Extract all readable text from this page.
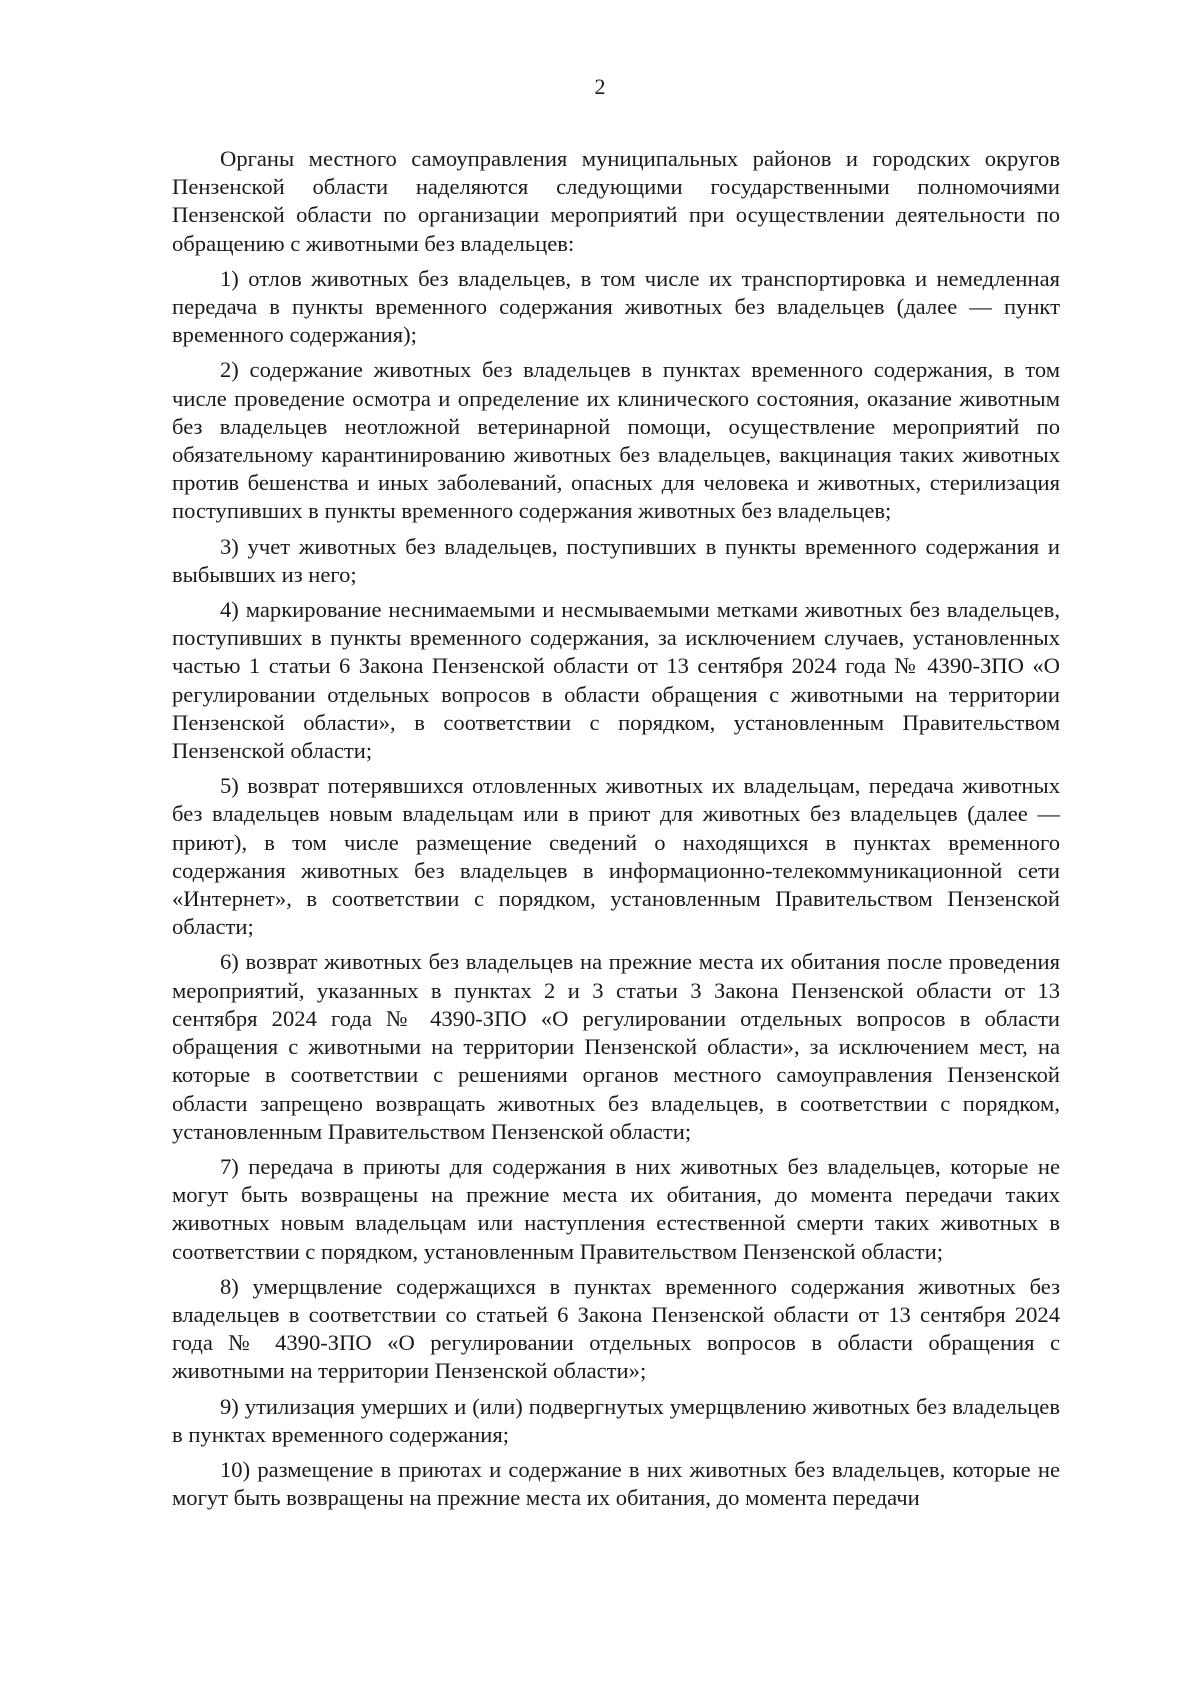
2

Органы местного самоуправления муниципальных районов и городских округов Пензенской области наделяются следующими государственными полномочиями Пензенской области по организации мероприятий при осуществлении деятельности по обращению с животными без владельцев:

1) отлов животных без владельцев, в том числе их транспортировка и немедленная передача в пункты временного содержания животных без владельцев (далее — пункт временного содержания);

2) содержание животных без владельцев в пунктах временного содержания, в том числе проведение осмотра и определение их клинического состояния, оказание животным без владельцев неотложной ветеринарной помощи, осуществление мероприятий по обязательному карантинированию животных без владельцев, вакцинация таких животных против бешенства и иных заболеваний, опасных для человека и животных, стерилизация поступивших в пункты временного содержания животных без владельцев;

3) учет животных без владельцев, поступивших в пункты временного содержания и выбывших из него;

4) маркирование неснимаемыми и несмываемыми метками животных без владельцев, поступивших в пункты временного содержания, за исключением случаев, установленных частью 1 статьи 6 Закона Пензенской области от 13 сентября 2024 года № 4390-ЗПО «О регулировании отдельных вопросов в области обращения с животными на территории Пензенской области», в соответствии с порядком, установленным Правительством Пензенской области;

5) возврат потерявшихся отловленных животных их владельцам, передача животных без владельцев новым владельцам или в приют для животных без владельцев (далее — приют), в том числе размещение сведений о находящихся в пунктах временного содержания животных без владельцев в информационно-телекоммуникационной сети «Интернет», в соответствии с порядком, установленным Правительством Пензенской области;

6) возврат животных без владельцев на прежние места их обитания после проведения мероприятий, указанных в пунктах 2 и 3 статьи 3 Закона Пензенской области от 13 сентября 2024 года № 4390-ЗПО «О регулировании отдельных вопросов в области обращения с животными на территории Пензенской области», за исключением мест, на которые в соответствии с решениями органов местного самоуправления Пензенской области запрещено возвращать животных без владельцев, в соответствии с порядком, установленным Правительством Пензенской области;

7) передача в приюты для содержания в них животных без владельцев, которые не могут быть возвращены на прежние места их обитания, до момента передачи таких животных новым владельцам или наступления естественной смерти таких животных в соответствии с порядком, установленным Правительством Пензенской области;

8) умерщвление содержащихся в пунктах временного содержания животных без владельцев в соответствии со статьей 6 Закона Пензенской области от 13 сентября 2024 года № 4390-ЗПО «О регулировании отдельных вопросов в области обращения с животными на территории Пензенской области»;

9) утилизация умерших и (или) подвергнутых умерщвлению животных без владельцев в пунктах временного содержания;

10) размещение в приютах и содержание в них животных без владельцев, которые не могут быть возвращены на прежние места их обитания, до момента передачи
